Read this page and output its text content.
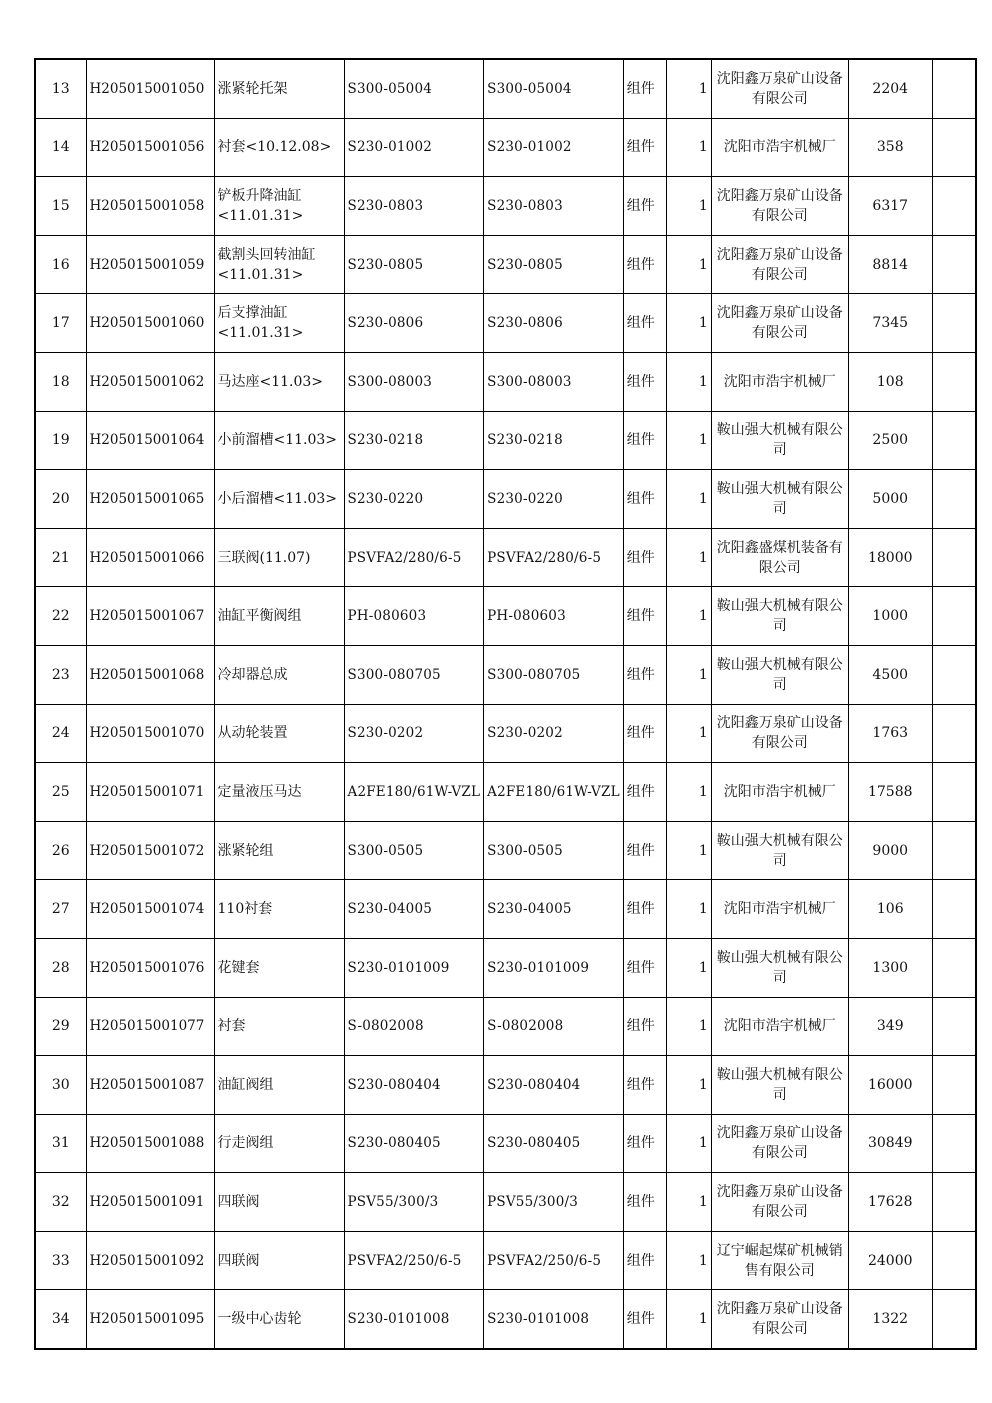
13	H205015001050	涨紧轮托架	S300-05004	S300-05004	组件	1	沈阳鑫万泉矿山设备有限公司	2204	
14	H205015001056	衬套<10.12.08>	S230-01002	S230-01002	组件	1	沈阳市浩宇机械厂	358	
15	H205015001058	铲板升降油缸<11.01.31>	S230-0803	S230-0803	组件	1	沈阳鑫万泉矿山设备有限公司	6317	
16	H205015001059	截割头回转油缸<11.01.31>	S230-0805	S230-0805	组件	1	沈阳鑫万泉矿山设备有限公司	8814	
17	H205015001060	后支撑油缸<11.01.31>	S230-0806	S230-0806	组件	1	沈阳鑫万泉矿山设备有限公司	7345	
18	H205015001062	马达座<11.03>	S300-08003	S300-08003	组件	1	沈阳市浩宇机械厂	108	
19	H205015001064	小前溜槽<11.03>	S230-0218	S230-0218	组件	1	鞍山强大机械有限公司	2500	
20	H205015001065	小后溜槽<11.03>	S230-0220	S230-0220	组件	1	鞍山强大机械有限公司	5000	
21	H205015001066	三联阀(11.07)	PSVFA2/280/6-5	PSVFA2/280/6-5	组件	1	沈阳鑫盛煤机装备有限公司	18000	
22	H205015001067	油缸平衡阀组	PH-080603	PH-080603	组件	1	鞍山强大机械有限公司	1000	
23	H205015001068	冷却器总成	S300-080705	S300-080705	组件	1	鞍山强大机械有限公司	4500	
24	H205015001070	从动轮装置	S230-0202	S230-0202	组件	1	沈阳鑫万泉矿山设备有限公司	1763	
25	H205015001071	定量液压马达	A2FE180/61W-VZL	A2FE180/61W-VZL	组件	1	沈阳市浩宇机械厂	17588	
26	H205015001072	涨紧轮组	S300-0505	S300-0505	组件	1	鞍山强大机械有限公司	9000	
27	H205015001074	110衬套	S230-04005	S230-04005	组件	1	沈阳市浩宇机械厂	106	
28	H205015001076	花键套	S230-0101009	S230-0101009	组件	1	鞍山强大机械有限公司	1300	
29	H205015001077	衬套	S-0802008	S-0802008	组件	1	沈阳市浩宇机械厂	349	
30	H205015001087	油缸阀组	S230-080404	S230-080404	组件	1	鞍山强大机械有限公司	16000	
31	H205015001088	行走阀组	S230-080405	S230-080405	组件	1	沈阳鑫万泉矿山设备有限公司	30849	
32	H205015001091	四联阀	PSV55/300/3	PSV55/300/3	组件	1	沈阳鑫万泉矿山设备有限公司	17628	
33	H205015001092	四联阀	PSVFA2/250/6-5	PSVFA2/250/6-5	组件	1	辽宁崛起煤矿机械销售有限公司	24000	
34	H205015001095	一级中心齿轮	S230-0101008	S230-0101008	组件	1	沈阳鑫万泉矿山设备有限公司	1322	
